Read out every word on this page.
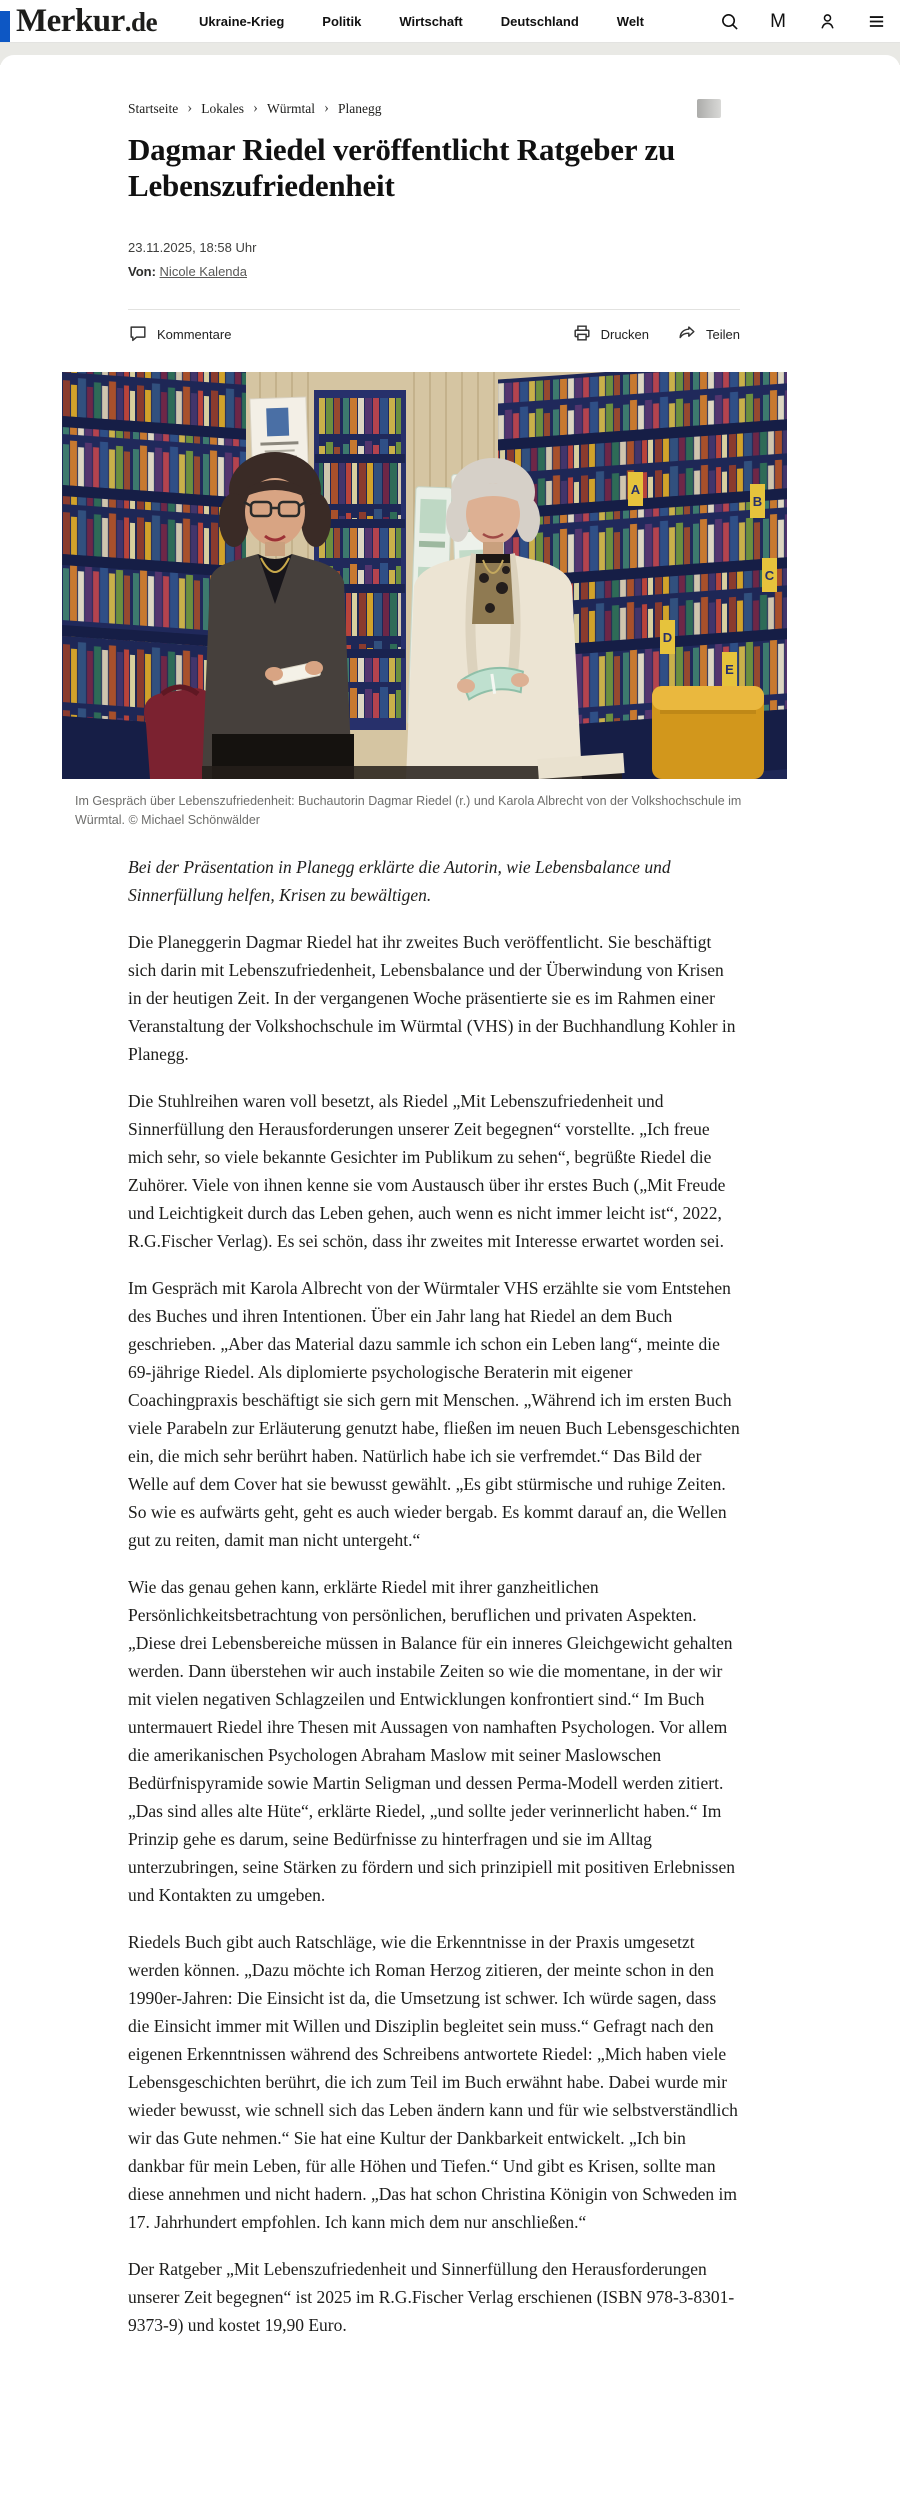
Merkur.de	Ukraine-Krieg	Politik	Wirtschaft	Deutschland	Welt	M
Startseite › Lokales › Würmtal › Planegg
Dagmar Riedel veröffentlicht Ratgeber zu Lebenszufriedenheit
23.11.2025, 18:58 Uhr
Von: Nicole Kalenda
Kommentare	Drucken	Teilen
A
B
C
D
E
Im Gespräch über Lebenszufriedenheit: Buchautorin Dagmar Riedel (r.) und Karola Albrecht von der Volkshochschule im Würmtal. © Michael Schönwälder

Bei der Präsentation in Planegg erklärte die Autorin, wie Lebensbalance und Sinnerfüllung helfen, Krisen zu bewältigen.

Die Planeggerin Dagmar Riedel hat ihr zweites Buch veröffentlicht. Sie beschäftigt sich darin mit Lebenszufriedenheit, Lebensbalance und der Überwindung von Krisen in der heutigen Zeit. In der vergangenen Woche präsentierte sie es im Rahmen einer Veranstaltung der Volkshochschule im Würmtal (VHS) in der Buchhandlung Kohler in Planegg.

Die Stuhlreihen waren voll besetzt, als Riedel „Mit Lebenszufriedenheit und Sinnerfüllung den Herausforderungen unserer Zeit begegnen“ vorstellte. „Ich freue mich sehr, so viele bekannte Gesichter im Publikum zu sehen“, begrüßte Riedel die Zuhörer. Viele von ihnen kenne sie vom Austausch über ihr erstes Buch („Mit Freude und Leichtigkeit durch das Leben gehen, auch wenn es nicht immer leicht ist“, 2022, R.G.Fischer Verlag). Es sei schön, dass ihr zweites mit Interesse erwartet worden sei.

Im Gespräch mit Karola Albrecht von der Würmtaler VHS erzählte sie vom Entstehen des Buches und ihren Intentionen. Über ein Jahr lang hat Riedel an dem Buch geschrieben. „Aber das Material dazu sammle ich schon ein Leben lang“, meinte die 69-jährige Riedel. Als diplomierte psychologische Beraterin mit eigener Coachingpraxis beschäftigt sie sich gern mit Menschen. „Während ich im ersten Buch viele Parabeln zur Erläuterung genutzt habe, fließen im neuen Buch Lebensgeschichten ein, die mich sehr berührt haben. Natürlich habe ich sie verfremdet.“ Das Bild der Welle auf dem Cover hat sie bewusst gewählt. „Es gibt stürmische und ruhige Zeiten. So wie es aufwärts geht, geht es auch wieder bergab. Es kommt darauf an, die Wellen gut zu reiten, damit man nicht untergeht.“

Wie das genau gehen kann, erklärte Riedel mit ihrer ganzheitlichen Persönlichkeitsbetrachtung von persönlichen, beruflichen und privaten Aspekten. „Diese drei Lebensbereiche müssen in Balance für ein inneres Gleichgewicht gehalten werden. Dann überstehen wir auch instabile Zeiten so wie die momentane, in der wir mit vielen negativen Schlagzeilen und Entwicklungen konfrontiert sind.“ Im Buch untermauert Riedel ihre Thesen mit Aussagen von namhaften Psychologen. Vor allem die amerikanischen Psychologen Abraham Maslow mit seiner Maslowschen Bedürfnispyramide sowie Martin Seligman und dessen Perma-Modell werden zitiert. „Das sind alles alte Hüte“, erklärte Riedel, „und sollte jeder verinnerlicht haben.“ Im Prinzip gehe es darum, seine Bedürfnisse zu hinterfragen und sie im Alltag unterzubringen, seine Stärken zu fördern und sich prinzipiell mit positiven Erlebnissen und Kontakten zu umgeben.

Riedels Buch gibt auch Ratschläge, wie die Erkenntnisse in der Praxis umgesetzt werden können. „Dazu möchte ich Roman Herzog zitieren, der meinte schon in den 1990er-Jahren: Die Einsicht ist da, die Umsetzung ist schwer. Ich würde sagen, dass die Einsicht immer mit Willen und Disziplin begleitet sein muss.“ Gefragt nach den eigenen Erkenntnissen während des Schreibens antwortete Riedel: „Mich haben viele Lebensgeschichten berührt, die ich zum Teil im Buch erwähnt habe. Dabei wurde mir wieder bewusst, wie schnell sich das Leben ändern kann und für wie selbstverständlich wir das Gute nehmen.“ Sie hat eine Kultur der Dankbarkeit entwickelt. „Ich bin dankbar für mein Leben, für alle Höhen und Tiefen.“ Und gibt es Krisen, sollte man diese annehmen und nicht hadern. „Das hat schon Christina Königin von Schweden im 17. Jahrhundert empfohlen. Ich kann mich dem nur anschließen.“

Der Ratgeber „Mit Lebenszufriedenheit und Sinnerfüllung den Herausforderungen unserer Zeit begegnen“ ist 2025 im R.G.Fischer Verlag erschienen (ISBN 978-3-8301-9373-9) und kostet 19,90 Euro.
